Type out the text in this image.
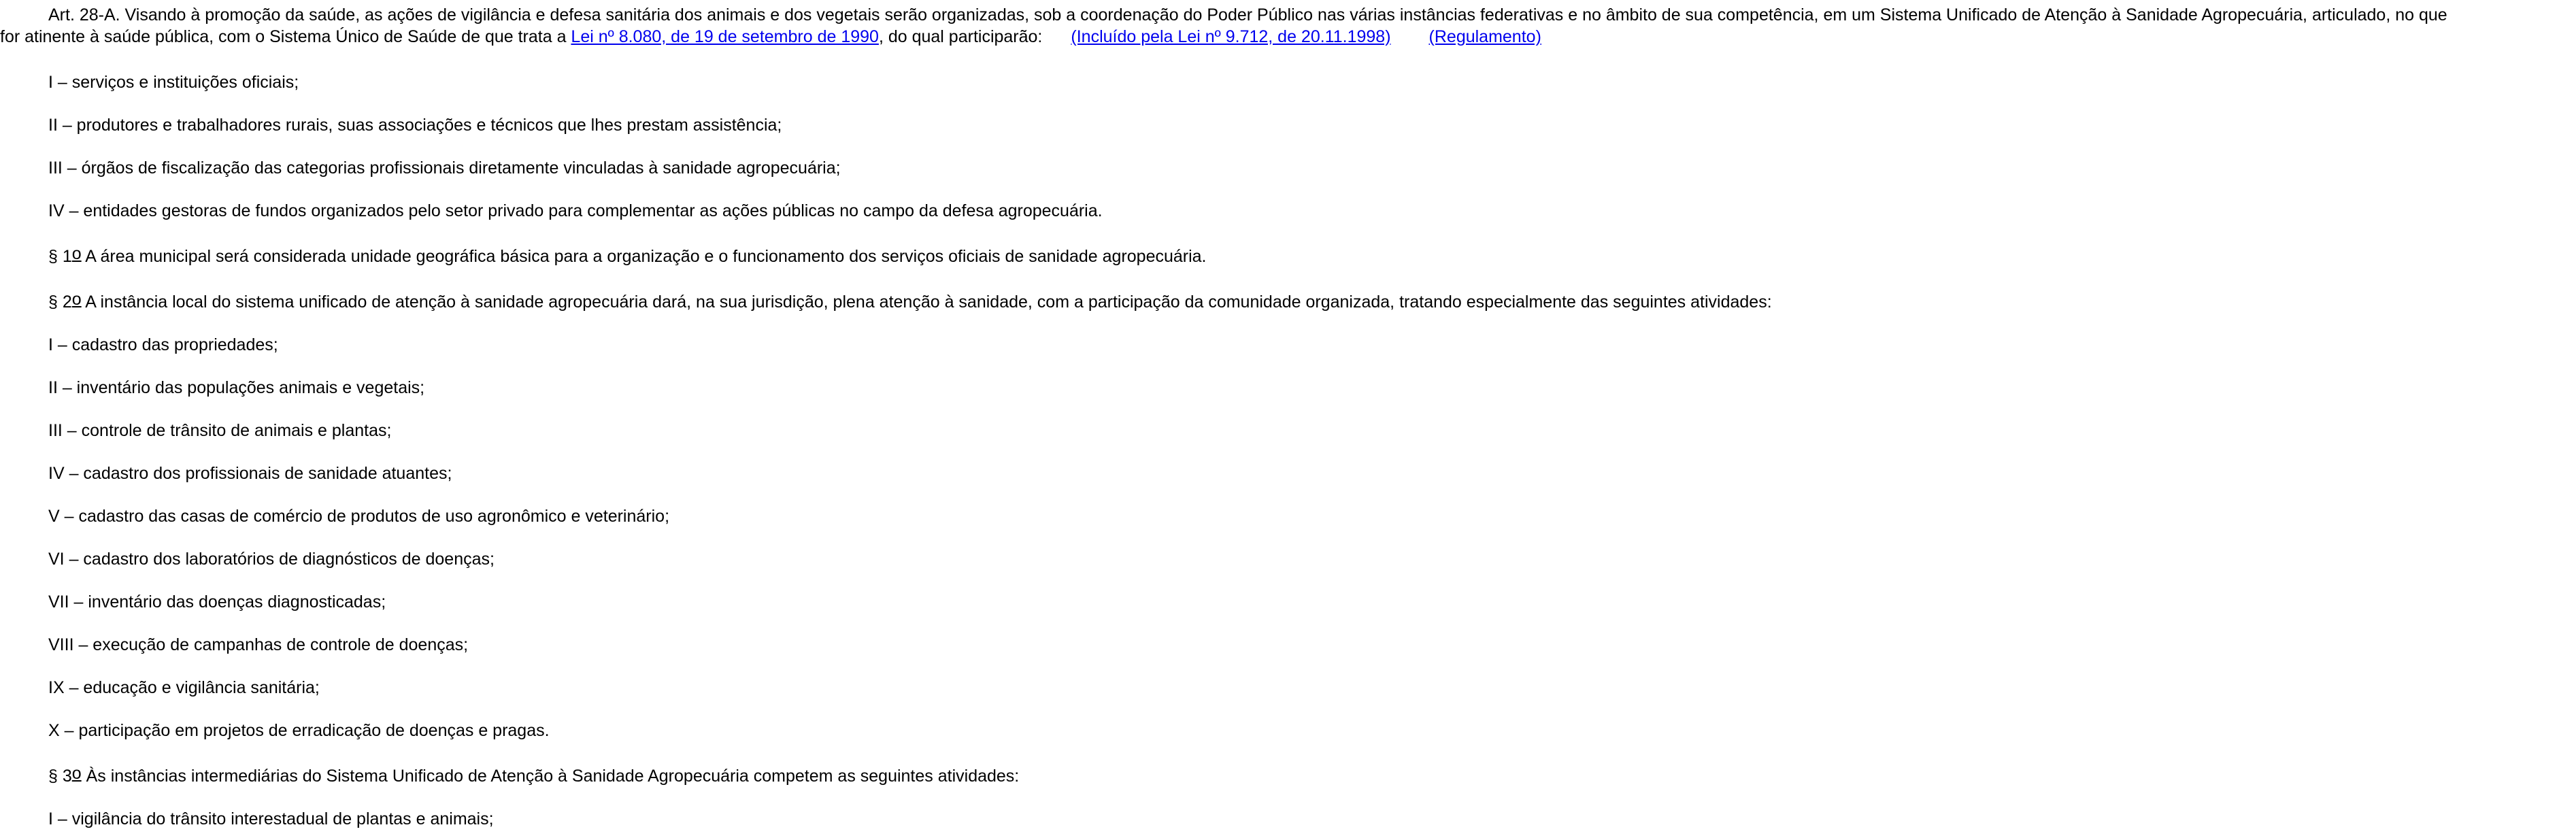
Art. 28-A. Visando à promoção da saúde, as ações de vigilância e defesa sanitária dos animais e dos vegetais serão organizadas, sob a coordenação do Poder Público nas várias instâncias federativas e no âmbito de sua competência, em um Sistema Unificado de Atenção à Sanidade Agropecuária, articulado, no que
for atinente à saúde pública, com o Sistema Único de Saúde de que trata a Lei nº 8.080, de 19 de setembro de 1990, do qual participarão: (Incluído pela Lei nº 9.712, de 20.11.1998) (Regulamento)

I – serviços e instituições oficiais;

II – produtores e trabalhadores rurais, suas associações e técnicos que lhes prestam assistência;

III – órgãos de fiscalização das categorias profissionais diretamente vinculadas à sanidade agropecuária;

IV – entidades gestoras de fundos organizados pelo setor privado para complementar as ações públicas no campo da defesa agropecuária.

§ 1o A área municipal será considerada unidade geográfica básica para a organização e o funcionamento dos serviços oficiais de sanidade agropecuária.

§ 2o A instância local do sistema unificado de atenção à sanidade agropecuária dará, na sua jurisdição, plena atenção à sanidade, com a participação da comunidade organizada, tratando especialmente das seguintes atividades:

I – cadastro das propriedades;

II – inventário das populações animais e vegetais;

III – controle de trânsito de animais e plantas;

IV – cadastro dos profissionais de sanidade atuantes;

V – cadastro das casas de comércio de produtos de uso agronômico e veterinário;

VI – cadastro dos laboratórios de diagnósticos de doenças;

VII – inventário das doenças diagnosticadas;

VIII – execução de campanhas de controle de doenças;

IX – educação e vigilância sanitária;

X – participação em projetos de erradicação de doenças e pragas.

§ 3o Às instâncias intermediárias do Sistema Unificado de Atenção à Sanidade Agropecuária competem as seguintes atividades:

I – vigilância do trânsito interestadual de plantas e animais;
